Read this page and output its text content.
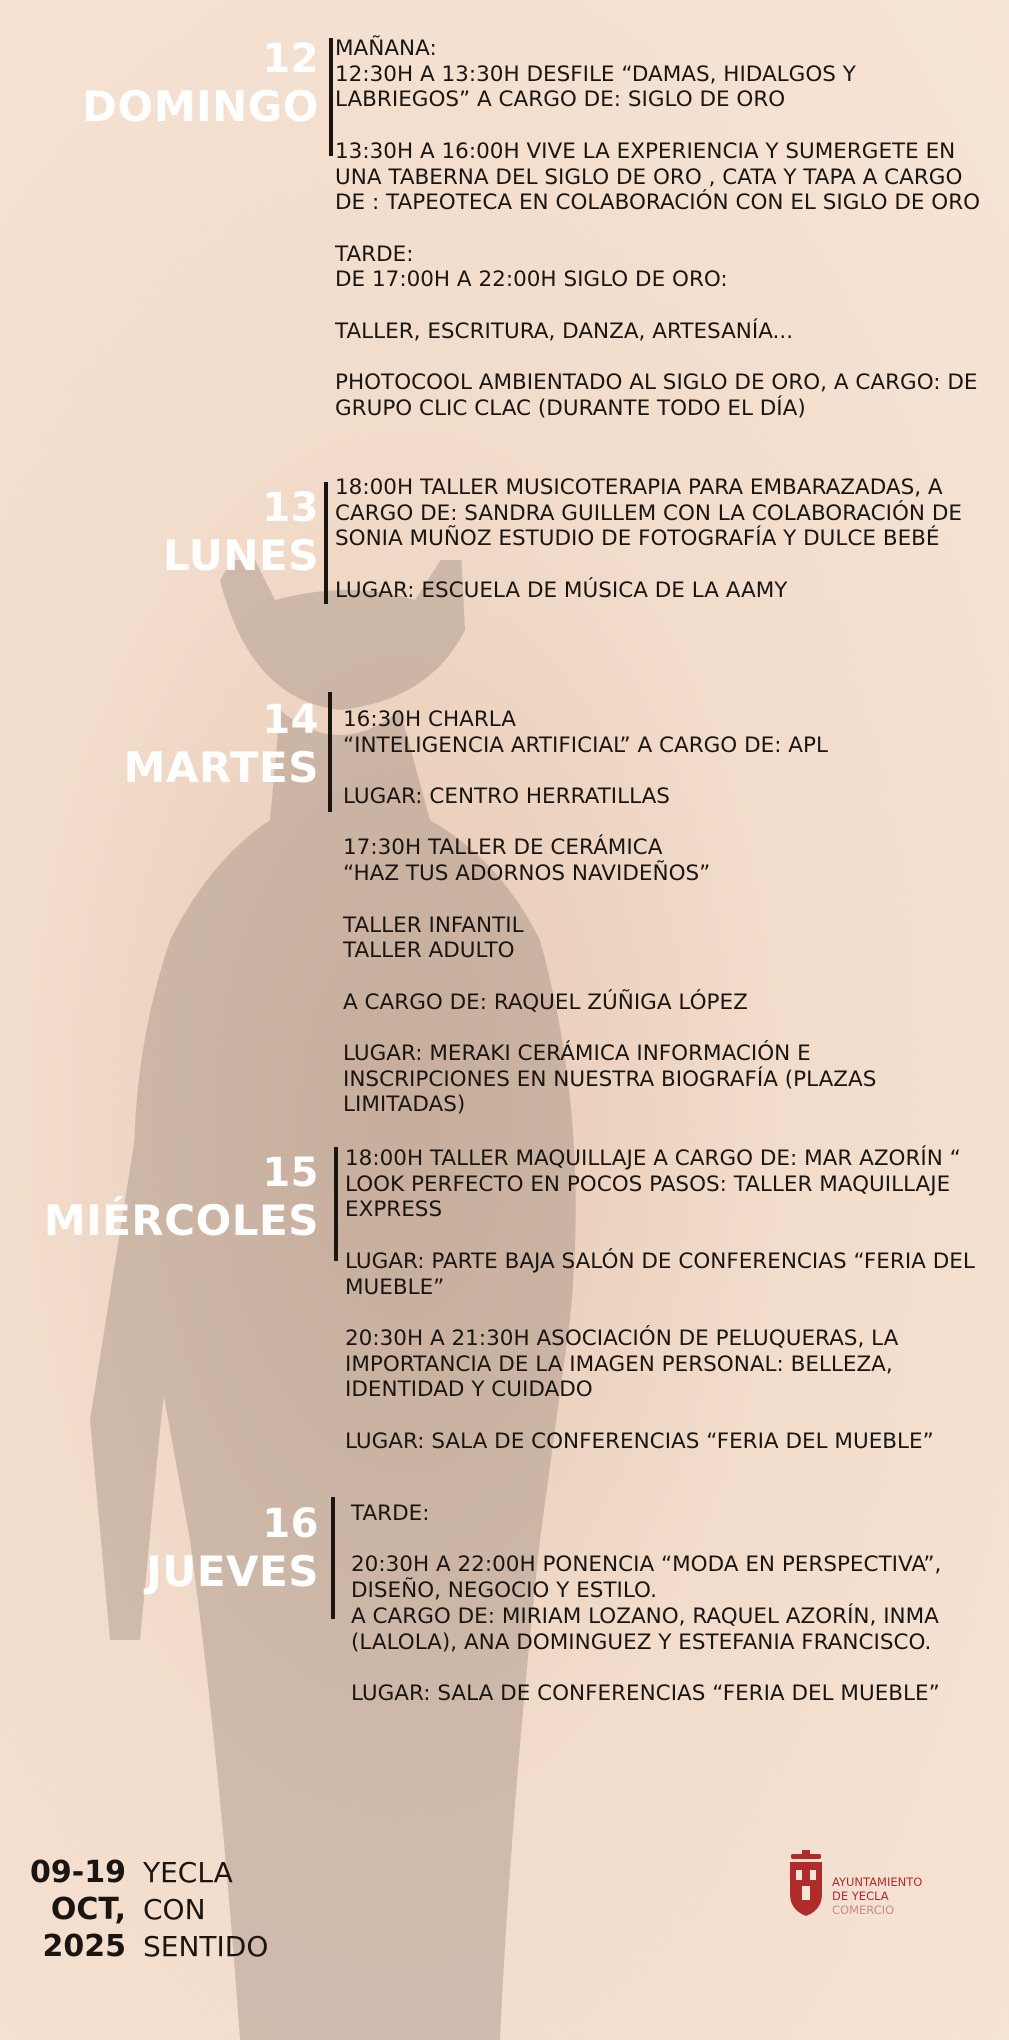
12
DOMINGO

MAÑANA:
12:30H A 13:30H DESFILE “DAMAS, HIDALGOS Y LABRIEGOS” A CARGO DE: SIGLO DE ORO

13:30H A 16:00H VIVE LA EXPERIENCIA Y SUMERGETE EN UNA TABERNA DEL SIGLO DE ORO , CATA Y TAPA A CARGO DE : TAPEOTECA EN COLABORACIÓN CON EL SIGLO DE ORO

TARDE:
DE 17:00H A 22:00H SIGLO DE ORO:

TALLER, ESCRITURA, DANZA, ARTESANÍA...

PHOTOCOOL AMBIENTADO AL SIGLO DE ORO, A CARGO: DE GRUPO CLIC CLAC (DURANTE TODO EL DÍA)

13
LUNES

18:00H TALLER MUSICOTERAPIA PARA EMBARAZADAS, A CARGO DE: SANDRA GUILLEM CON LA COLABORACIÓN DE SONIA MUÑOZ ESTUDIO DE FOTOGRAFÍA Y DULCE BEBÉ

LUGAR: ESCUELA DE MÚSICA DE LA AAMY

14
MARTES

16:30H CHARLA
“INTELIGENCIA ARTIFICIAL” A CARGO DE: APL

LUGAR: CENTRO HERRATILLAS

17:30H TALLER DE CERÁMICA
“HAZ TUS ADORNOS NAVIDEÑOS”

TALLER INFANTIL
TALLER ADULTO

A CARGO DE: RAQUEL ZÚÑIGA LÓPEZ

LUGAR: MERAKI CERÁMICA INFORMACIÓN E
INSCRIPCIONES EN NUESTRA BIOGRAFÍA (PLAZAS LIMITADAS)

15
MIÉRCOLES

18:00H TALLER MAQUILLAJE A CARGO DE: MAR AZORÍN “ LOOK PERFECTO EN POCOS PASOS: TALLER MAQUILLAJE EXPRESS

LUGAR: PARTE BAJA SALÓN DE CONFERENCIAS “FERIA DEL MUEBLE”

20:30H A 21:30H ASOCIACIÓN DE PELUQUERAS, LA IMPORTANCIA DE LA IMAGEN PERSONAL: BELLEZA, IDENTIDAD Y CUIDADO

LUGAR: SALA DE CONFERENCIAS “FERIA DEL MUEBLE”

16
JUEVES

TARDE:

20:30H A 22:00H PONENCIA “MODA EN PERSPECTIVA”, DISEÑO, NEGOCIO Y ESTILO.
A CARGO DE: MIRIAM LOZANO, RAQUEL AZORÍN, INMA (LALOLA), ANA DOMINGUEZ Y ESTEFANIA FRANCISCO.

LUGAR: SALA DE CONFERENCIAS “FERIA DEL MUEBLE”

09-19
OCT,
2025
YECLA
CON
SENTIDO
AYUNTAMIENTO
DE YECLA
COMERCIO
